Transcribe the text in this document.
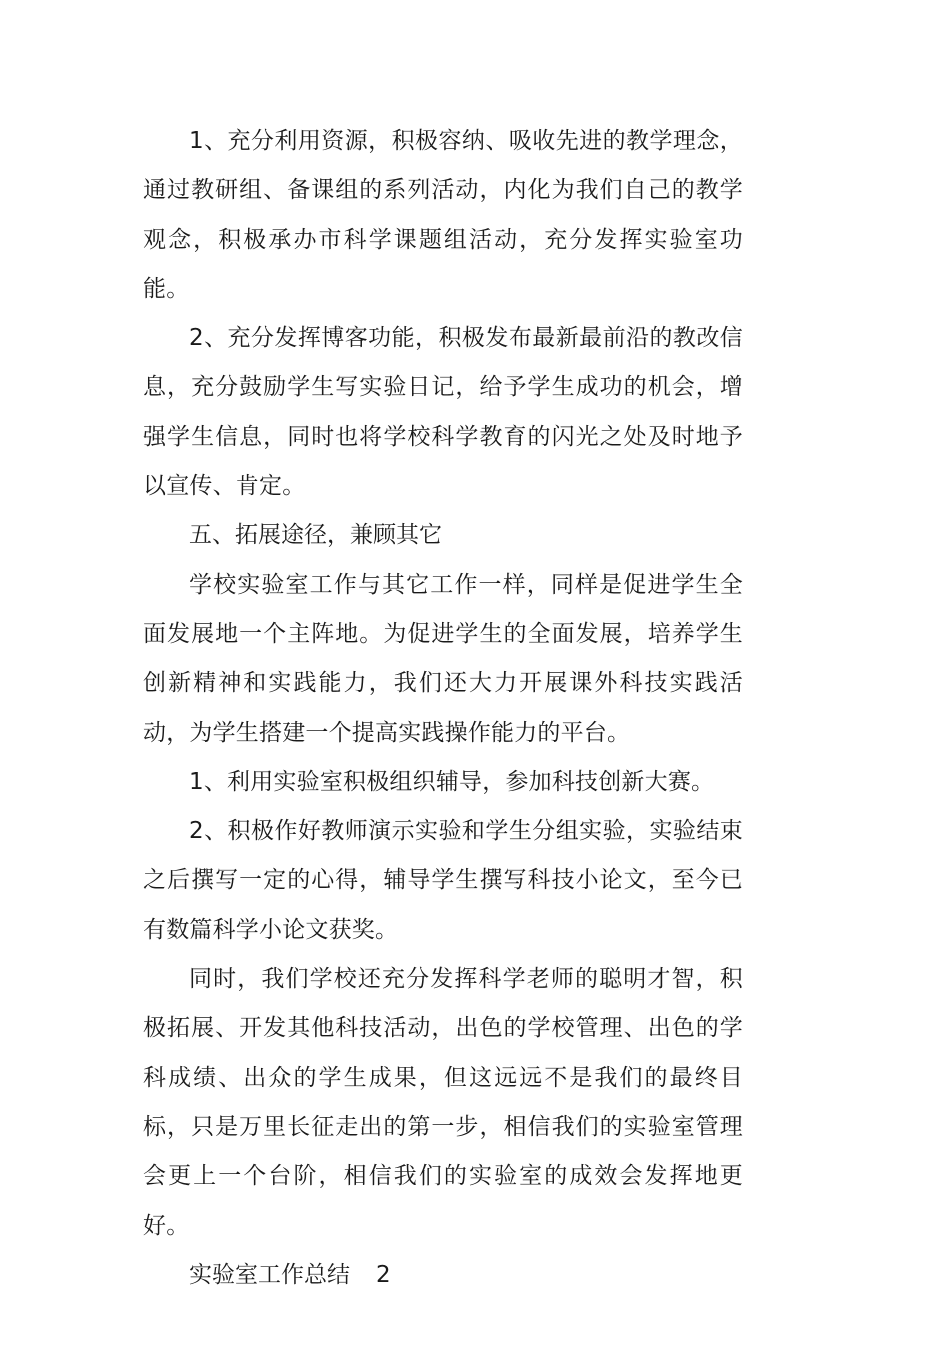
1、充分利用资源，积极容纳、吸收先进的教学理念，通过教研组、备课组的系列活动，内化为我们自己的教学观念，积极承办市科学课题组活动，充分发挥实验室功能。

2、充分发挥博客功能，积极发布最新最前沿的教改信息，充分鼓励学生写实验日记，给予学生成功的机会，增强学生信息，同时也将学校科学教育的闪光之处及时地予以宣传、肯定。

五、拓展途径，兼顾其它

学校实验室工作与其它工作一样，同样是促进学生全面发展地一个主阵地。为促进学生的全面发展，培养学生创新精神和实践能力，我们还大力开展课外科技实践活动，为学生搭建一个提高实践操作能力的平台。

1、利用实验室积极组织辅导，参加科技创新大赛。

2、积极作好教师演示实验和学生分组实验，实验结束之后撰写一定的心得，辅导学生撰写科技小论文，至今已有数篇科学小论文获奖。

同时，我们学校还充分发挥科学老师的聪明才智，积极拓展、开发其他科技活动，出色的学校管理、出色的学科成绩、出众的学生成果，但这远远不是我们的最终目标，只是万里长征走出的第一步，相信我们的实验室管理会更上一个台阶，相信我们的实验室的成效会发挥地更好。

实验室工作总结 2
